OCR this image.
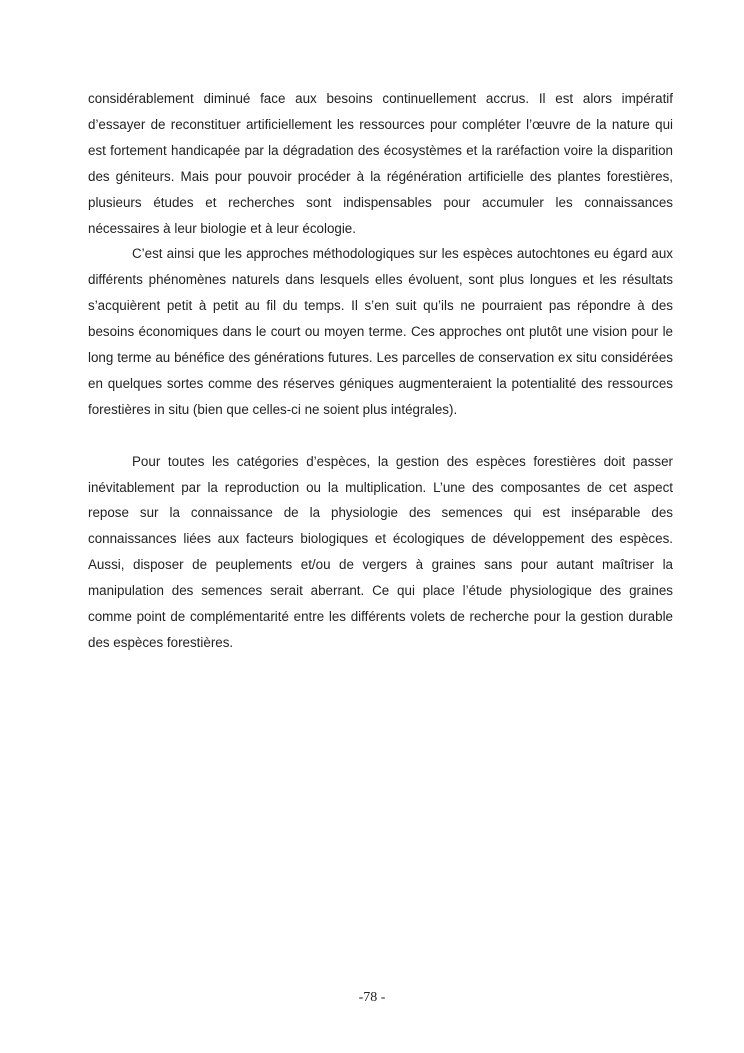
considérablement diminué face aux besoins continuellement accrus. Il est alors impératif d’essayer de reconstituer artificiellement les ressources pour compléter l’œuvre de la nature qui est fortement handicapée par la dégradation des écosystèmes et la raréfaction voire la disparition des géniteurs. Mais pour pouvoir procéder à la régénération artificielle des plantes forestières, plusieurs études et recherches sont indispensables pour accumuler les connaissances nécessaires à leur biologie et à leur écologie.

C’est ainsi que les approches méthodologiques sur les espèces autochtones eu égard aux différents phénomènes naturels dans lesquels elles évoluent, sont plus longues et les résultats s’acquièrent petit à petit au fil du temps. Il s’en suit qu’ils ne pourraient pas répondre à des besoins économiques dans le court ou moyen terme. Ces approches ont plutôt une vision pour le long terme au bénéfice des générations futures. Les parcelles de conservation ex situ considérées en quelques sortes comme des réserves géniques augmenteraient la potentialité des ressources forestières in situ (bien que celles-ci ne soient plus intégrales).

Pour toutes les catégories d’espèces, la gestion des espèces forestières doit passer inévitablement par la reproduction ou la multiplication. L’une des composantes de cet aspect repose sur la connaissance de la physiologie des semences qui est inséparable des connaissances liées aux facteurs biologiques et écologiques de développement des espèces. Aussi, disposer de peuplements et/ou de vergers à graines sans pour autant maîtriser la manipulation des semences serait aberrant. Ce qui place l’étude physiologique des graines comme point de complémentarité entre les différents volets de recherche pour la gestion durable des espèces forestières.

-78 -
